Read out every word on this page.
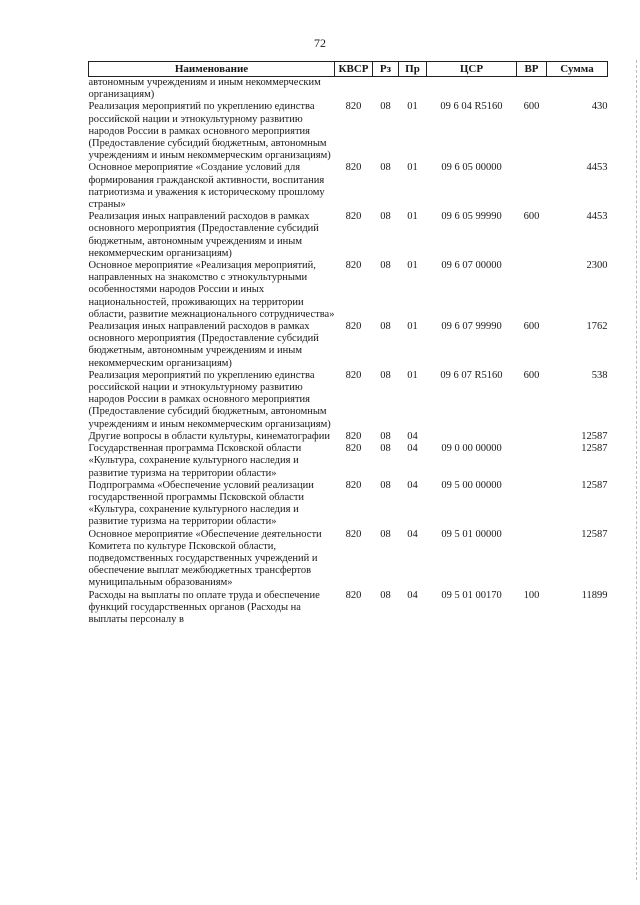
72
Наименование	КВСР	Рз	Пр	ЦСР	ВР	Сумма
автономным учреждениям и иным некоммерческим организациям)						
Реализация мероприятий по укреплению единства российской нации и этнокультурному развитию народов России в рамках основного мероприятия (Предоставление субсидий бюджетным, автономным учреждениям и иным некоммерческим организациям)	820	08	01	09 6 04 R5160	600	430
Основное мероприятие «Создание условий для формирования гражданской активности, воспитания патриотизма и уважения к историческому прошлому страны»	820	08	01	09 6 05 00000		4453
Реализация иных направлений расходов в рамках основного мероприятия (Предоставление субсидий бюджетным, автономным учреждениям и иным некоммерческим организациям)	820	08	01	09 6 05 99990	600	4453
Основное мероприятие «Реализация мероприятий, направленных на знакомство с этнокультурными особенностями народов России и иных национальностей, проживающих на территории области, развитие межнационального сотрудничества»	820	08	01	09 6 07 00000		2300
Реализация иных направлений расходов в рамках основного мероприятия (Предоставление субсидий бюджетным, автономным учреждениям и иным некоммерческим организациям)	820	08	01	09 6 07 99990	600	1762
Реализация мероприятий по укреплению единства российской нации и этнокультурному развитию народов России в рамках основного мероприятия (Предоставление субсидий бюджетным, автономным учреждениям и иным некоммерческим организациям)	820	08	01	09 6 07 R5160	600	538
Другие вопросы в области культуры, кинематографии	820	08	04			12587
Государственная программа Псковской области «Культура, сохранение культурного наследия и развитие туризма на территории области»	820	08	04	09 0 00 00000		12587
Подпрограмма «Обеспечение условий реализации государственной программы Псковской области «Культура, сохранение культурного наследия и развитие туризма на территории области»	820	08	04	09 5 00 00000		12587
Основное мероприятие «Обеспечение деятельности Комитета по культуре Псковской области, подведомственных государственных учреждений и обеспечение выплат межбюджетных трансфертов муниципальным образованиям»	820	08	04	09 5 01 00000		12587
Расходы на выплаты по оплате труда и обеспечение функций государственных органов (Расходы на выплаты персоналу в	820	08	04	09 5 01 00170	100	11899
